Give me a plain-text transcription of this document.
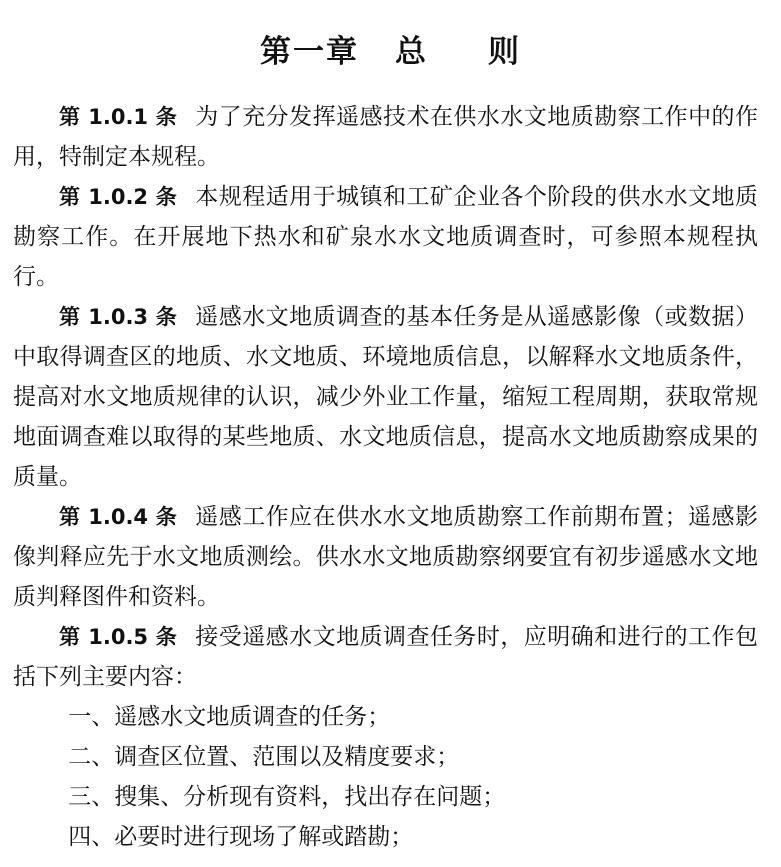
第一章 总 则

第 1.0.1 条 为了充分发挥遥感技术在供水水文地质勘察工作中的作用，特制定本规程。

第 1.0.2 条 本规程适用于城镇和工矿企业各个阶段的供水水文地质勘察工作。在开展地下热水和矿泉水水文地质调查时，可参照本规程执行。

第 1.0.3 条 遥感水文地质调查的基本任务是从遥感影像（或数据）中取得调查区的地质、水文地质、环境地质信息，以解释水文地质条件，提高对水文地质规律的认识，减少外业工作量，缩短工程周期，获取常规地面调查难以取得的某些地质、水文地质信息，提高水文地质勘察成果的质量。

第 1.0.4 条 遥感工作应在供水水文地质勘察工作前期布置；遥感影像判释应先于水文地质测绘。供水水文地质勘察纲要宜有初步遥感水文地质判释图件和资料。

第 1.0.5 条 接受遥感水文地质调查任务时，应明确和进行的工作包括下列主要内容：

一、遥感水文地质调查的任务；

二、调查区位置、范围以及精度要求；

三、搜集、分析现有资料，找出存在问题；

四、必要时进行现场了解或踏勘；
